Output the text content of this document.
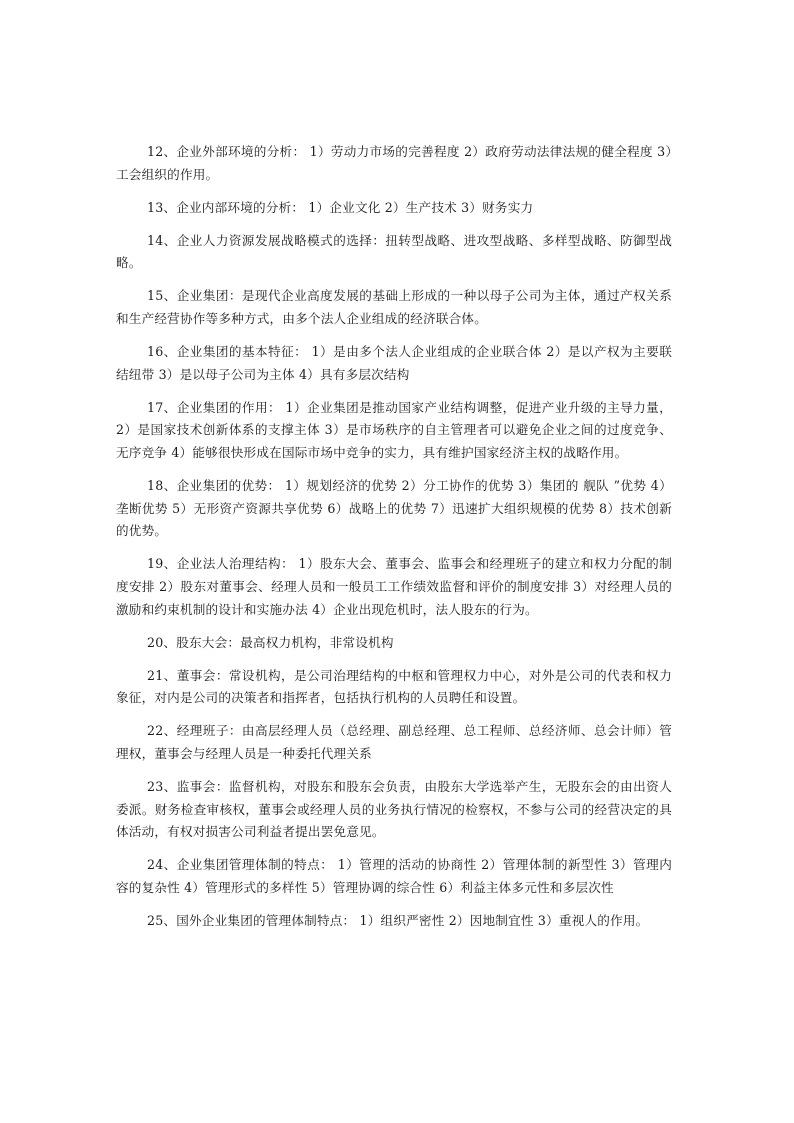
12、企业外部环境的分析： 1）劳动力市场的完善程度 2）政府劳动法律法规的健全程度 3）工会组织的作用。

13、企业内部环境的分析： 1）企业文化 2）生产技术 3）财务实力

14、企业人力资源发展战略模式的选择：扭转型战略、进攻型战略、多样型战略、防御型战略。

15、企业集团：是现代企业高度发展的基础上形成的一种以母子公司为主体，通过产权关系和生产经营协作等多种方式，由多个法人企业组成的经济联合体。

16、企业集团的基本特征： 1）是由多个法人企业组成的企业联合体 2）是以产权为主要联结纽带 3）是以母子公司为主体 4）具有多层次结构

17、企业集团的作用： 1）企业集团是推动国家产业结构调整，促进产业升级的主导力量， 2）是国家技术创新体系的支撑主体 3）是市场秩序的自主管理者可以避免企业之间的过度竞争、无序竞争 4）能够很快形成在国际市场中竞争的实力，具有维护国家经济主权的战略作用。

18、企业集团的优势： 1）规划经济的优势 2）分工协作的优势 3）集团的 舰队 ”优势 4）垄断优势 5）无形资产资源共享优势 6）战略上的优势 7）迅速扩大组织规模的优势 8）技术创新的优势。

19、企业法人治理结构： 1）股东大会、董事会、监事会和经理班子的建立和权力分配的制度安排 2）股东对董事会、经理人员和一般员工工作绩效监督和评价的制度安排 3）对经理人员的激励和约束机制的设计和实施办法 4）企业出现危机时，法人股东的行为。

20、股东大会：最高权力机构，非常设机构

21、董事会：常设机构，是公司治理结构的中枢和管理权力中心，对外是公司的代表和权力象征，对内是公司的决策者和指挥者，包括执行机构的人员聘任和设置。

22、经理班子：由高层经理人员（总经理、副总经理、总工程师、总经济师、总会计师）管理权，董事会与经理人员是一种委托代理关系

23、监事会：监督机构，对股东和股东会负责，由股东大学选举产生，无股东会的由出资人委派。财务检查审核权，董事会或经理人员的业务执行情况的检察权，不参与公司的经营决定的具体活动，有权对损害公司利益者提出罢免意见。

24、企业集团管理体制的特点： 1）管理的活动的协商性 2）管理体制的新型性 3）管理内容的复杂性 4）管理形式的多样性 5）管理协调的综合性 6）利益主体多元性和多层次性

25、国外企业集团的管理体制特点： 1）组织严密性 2）因地制宜性 3）重视人的作用。
